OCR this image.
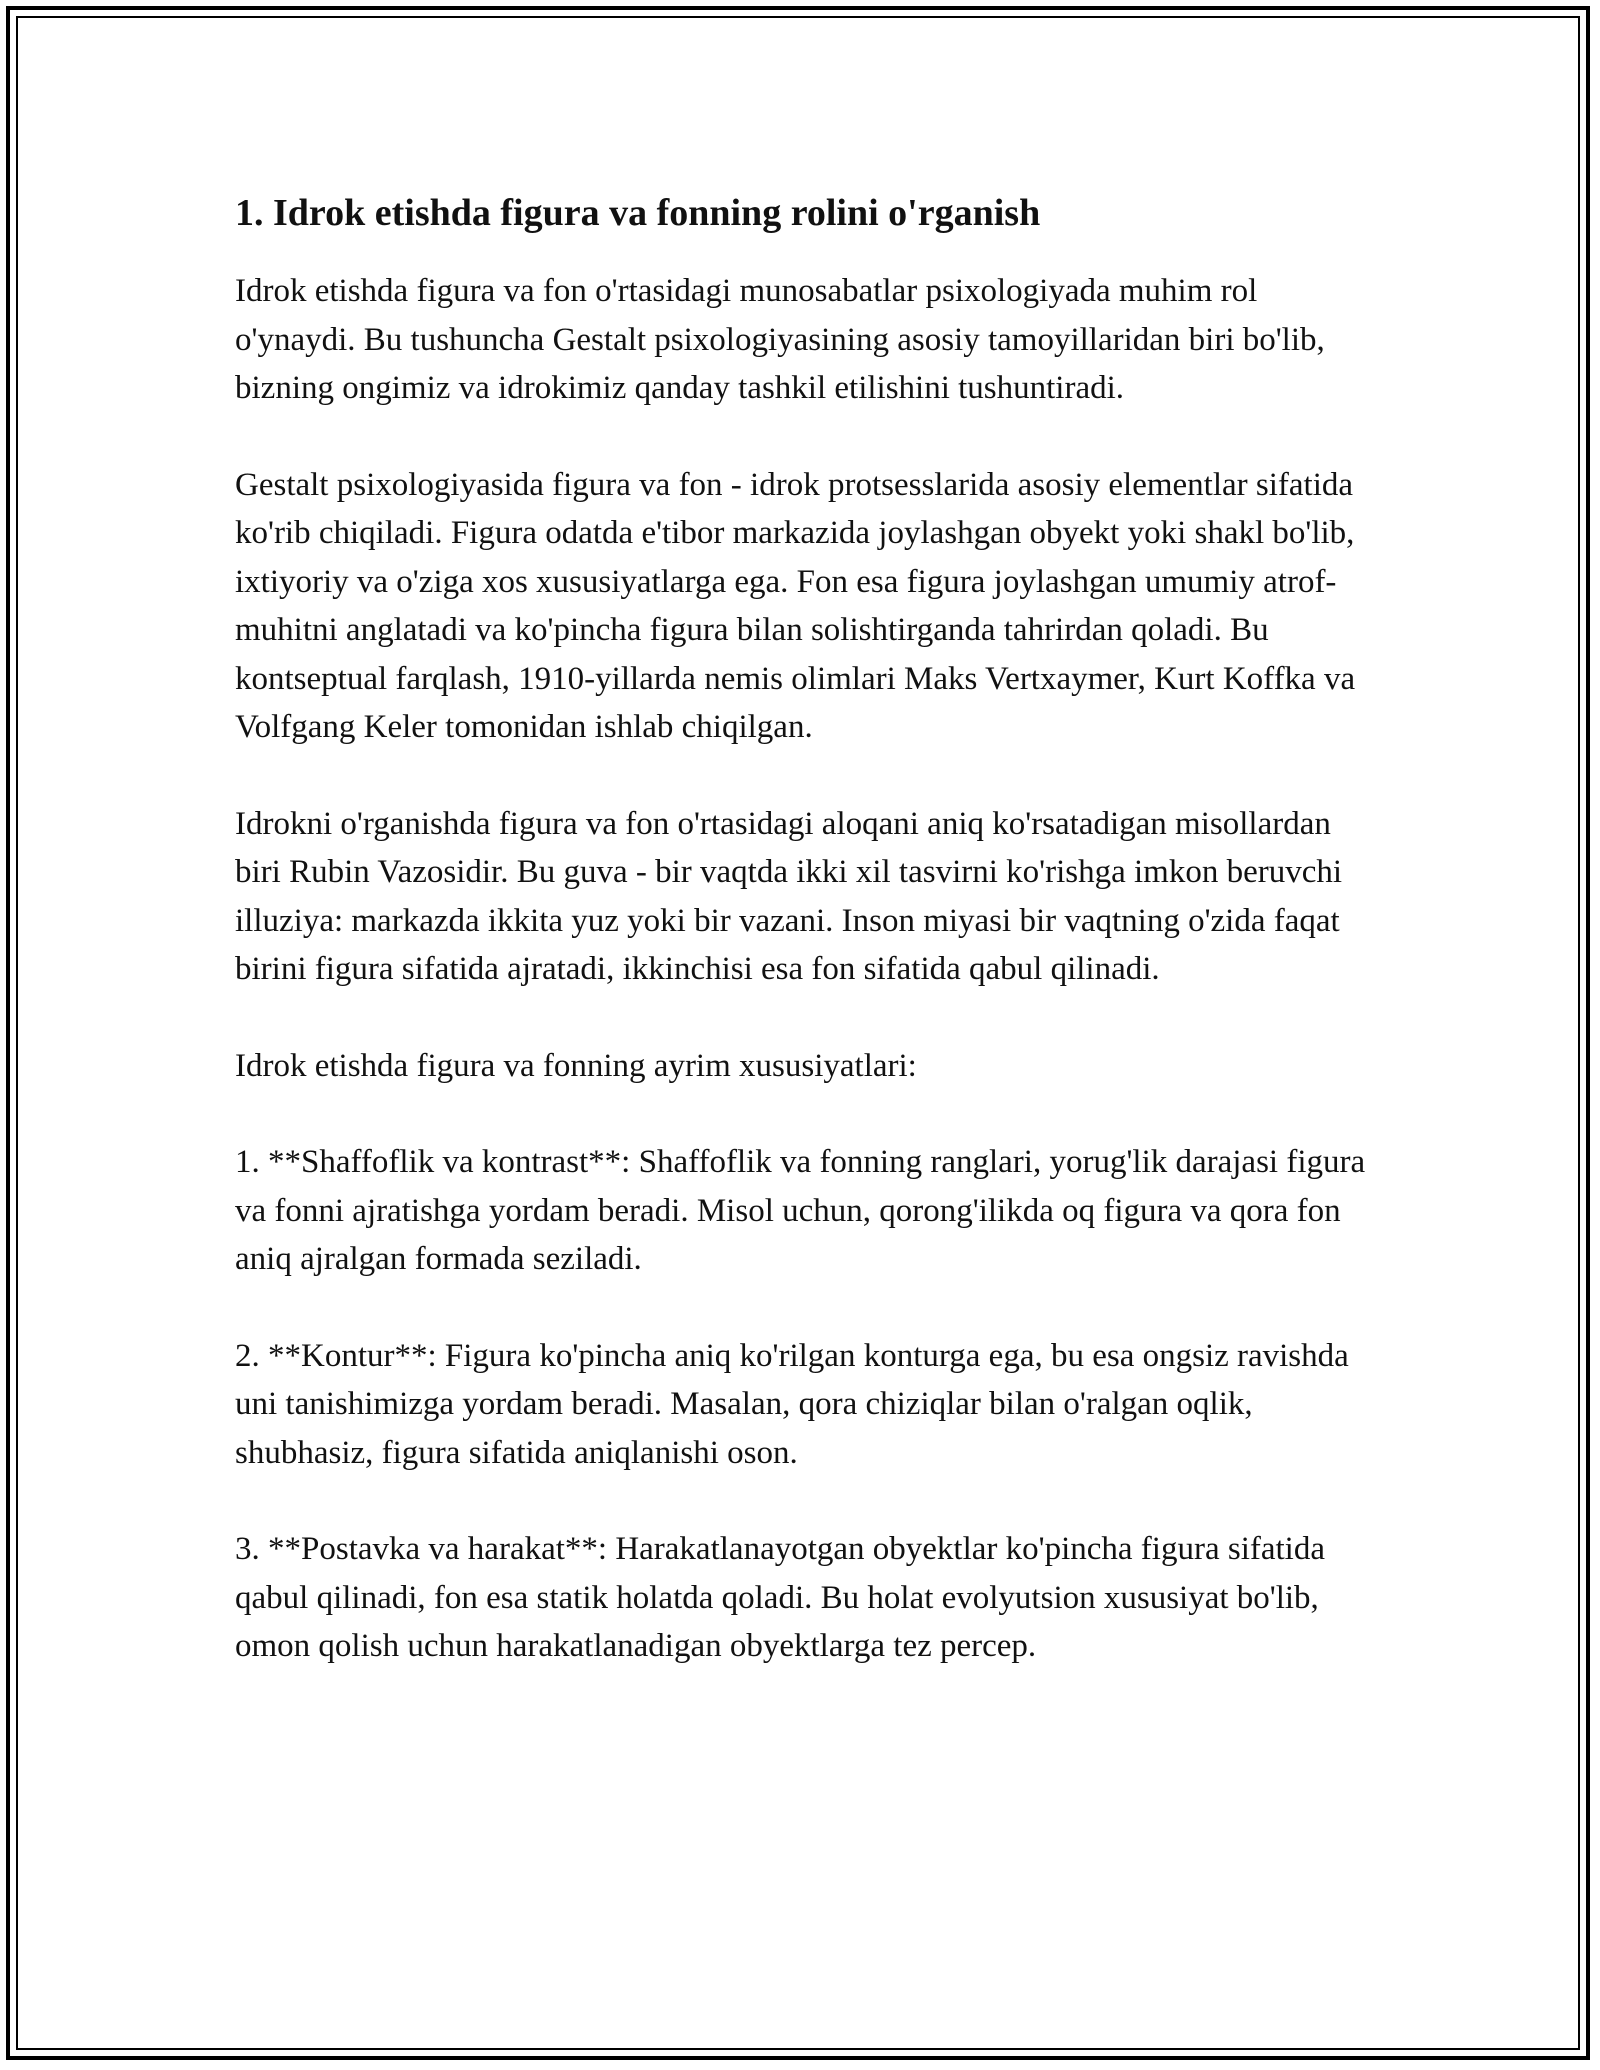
1. Idrok etishda figura va fonning rolini o'rganish

Idrok etishda figura va fon o'rtasidagi munosabatlar psixologiyada muhim rol o'ynaydi. Bu tushuncha Gestalt psixologiyasining asosiy tamoyillaridan biri bo'lib, bizning ongimiz va idrokimiz qanday tashkil etilishini tushuntiradi.

Gestalt psixologiyasida figura va fon - idrok protsesslarida asosiy elementlar sifatida ko'rib chiqiladi. Figura odatda e'tibor markazida joylashgan obyekt yoki shakl bo'lib, ixtiyoriy va o'ziga xos xususiyatlarga ega. Fon esa figura joylashgan umumiy atrof-muhitni anglatadi va ko'pincha figura bilan solishtirganda tahrirdan qoladi. Bu kontseptual farqlash, 1910-yillarda nemis olimlari Maks Vertxaymer, Kurt Koffka va Volfgang Keler tomonidan ishlab chiqilgan.

Idrokni o'rganishda figura va fon o'rtasidagi aloqani aniq ko'rsatadigan misollardan biri Rubin Vazosidir. Bu guva - bir vaqtda ikki xil tasvirni ko'rishga imkon beruvchi illuziya: markazda ikkita yuz yoki bir vazani. Inson miyasi bir vaqtning o'zida faqat birini figura sifatida ajratadi, ikkinchisi esa fon sifatida qabul qilinadi.

Idrok etishda figura va fonning ayrim xususiyatlari:

1. **Shaffoflik va kontrast**: Shaffoflik va fonning ranglari, yorug'lik darajasi figura va fonni ajratishga yordam beradi. Misol uchun, qorong'ilikda oq figura va qora fon aniq ajralgan formada seziladi.

2. **Kontur**: Figura ko'pincha aniq ko'rilgan konturga ega, bu esa ongsiz ravishda uni tanishimizga yordam beradi. Masalan, qora chiziqlar bilan o'ralgan oqlik, shubhasiz, figura sifatida aniqlanishi oson.

3. **Postavka va harakat**: Harakatlanayotgan obyektlar ko'pincha figura sifatida qabul qilinadi, fon esa statik holatda qoladi. Bu holat evolyutsion xususiyat bo'lib, omon qolish uchun harakatlanadigan obyektlarga tez percep.
